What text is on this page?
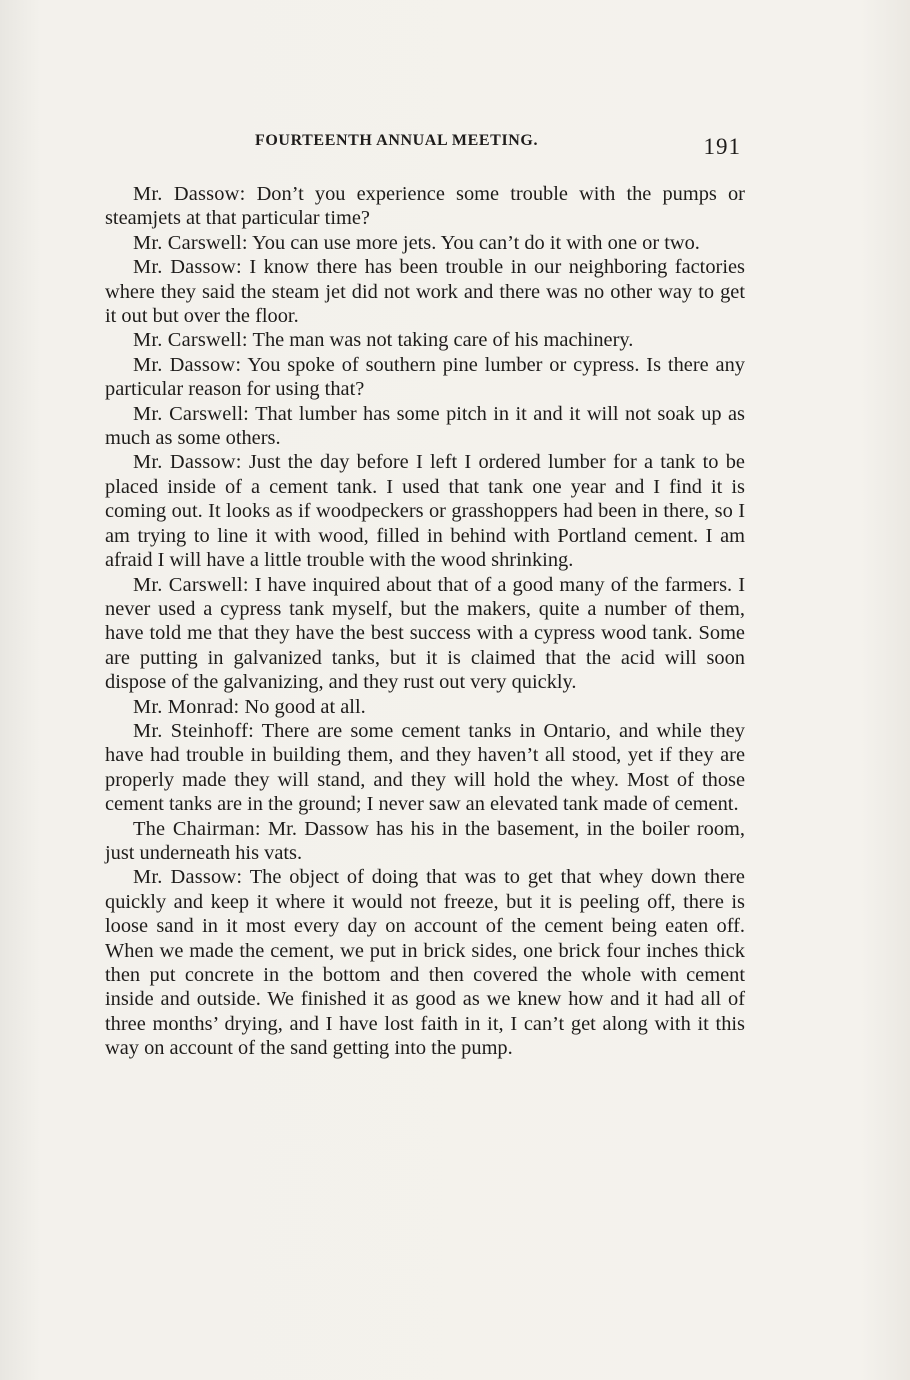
FOURTEENTH ANNUAL MEETING.	191

Mr. Dassow: Don’t you experience some trouble with the pumps or steamjets at that particular time?

Mr. Carswell: You can use more jets. You can’t do it with one or two.

Mr. Dassow: I know there has been trouble in our neighboring factories where they said the steam jet did not work and there was no other way to get it out but over the floor.

Mr. Carswell: The man was not taking care of his machinery.

Mr. Dassow: You spoke of southern pine lumber or cypress. Is there any particular reason for using that?

Mr. Carswell: That lumber has some pitch in it and it will not soak up as much as some others.

Mr. Dassow: Just the day before I left I ordered lumber for a tank to be placed inside of a cement tank. I used that tank one year and I find it is coming out. It looks as if woodpeckers or grasshoppers had been in there, so I am trying to line it with wood, filled in behind with Portland cement. I am afraid I will have a little trouble with the wood shrinking.

Mr. Carswell: I have inquired about that of a good many of the farmers. I never used a cypress tank myself, but the makers, quite a number of them, have told me that they have the best success with a cypress wood tank. Some are putting in galvanized tanks, but it is claimed that the acid will soon dispose of the galvanizing, and they rust out very quickly.

Mr. Monrad: No good at all.

Mr. Steinhoff: There are some cement tanks in Ontario, and while they have had trouble in building them, and they haven’t all stood, yet if they are properly made they will stand, and they will hold the whey. Most of those cement tanks are in the ground; I never saw an elevated tank made of cement.

The Chairman: Mr. Dassow has his in the basement, in the boiler room, just underneath his vats.

Mr. Dassow: The object of doing that was to get that whey down there quickly and keep it where it would not freeze, but it is peeling off, there is loose sand in it most every day on account of the cement being eaten off. When we made the cement, we put in brick sides, one brick four inches thick then put concrete in the bottom and then covered the whole with cement inside and outside. We finished it as good as we knew how and it had all of three months’ drying, and I have lost faith in it, I can’t get along with it this way on account of the sand getting into the pump.
